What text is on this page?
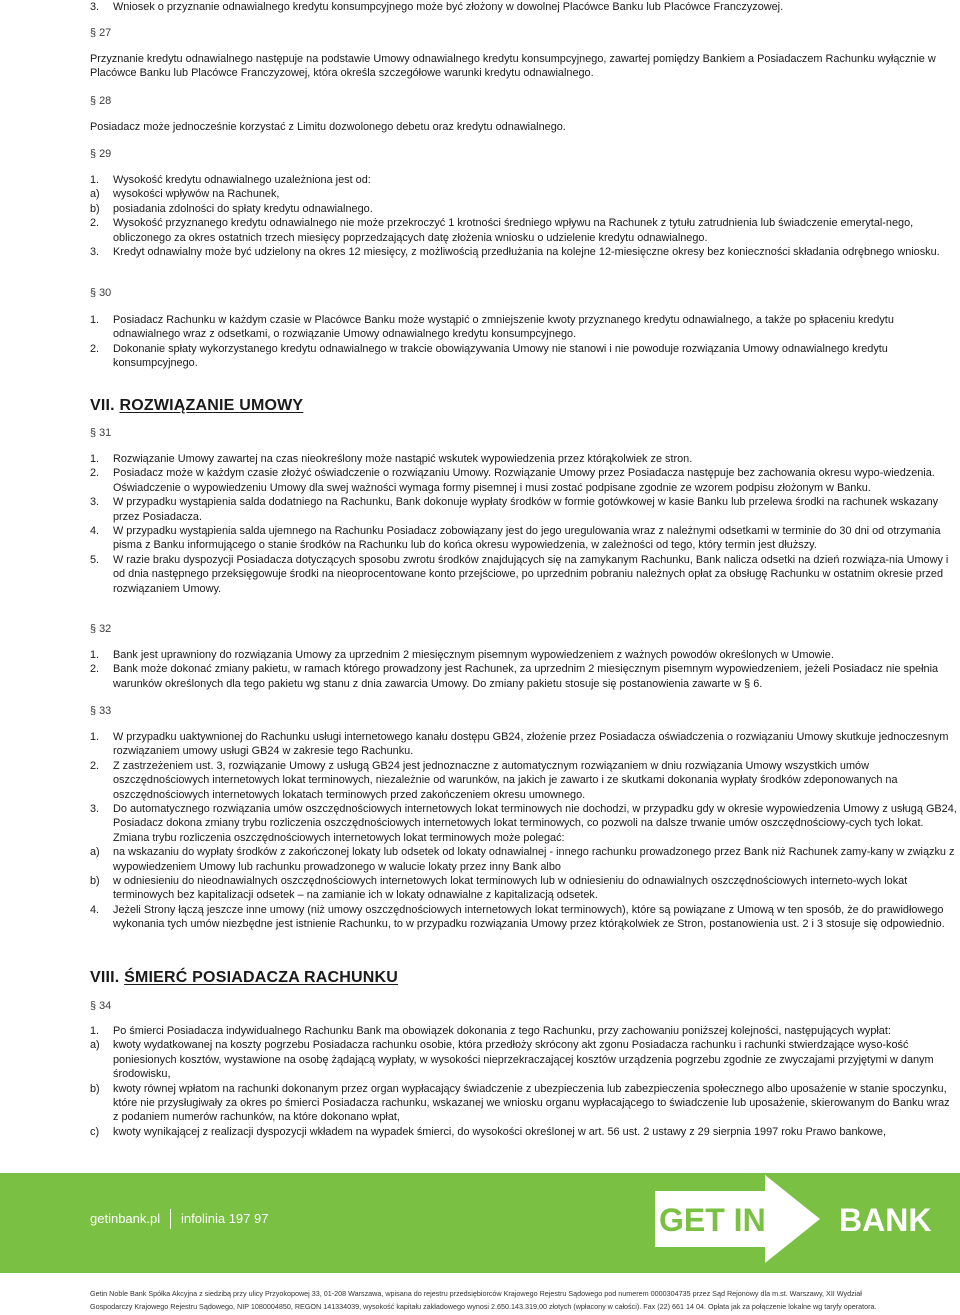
3. Wniosek o przyznanie odnawialnego kredytu konsumpcyjnego może być złożony w dowolnej Placówce Banku lub Placówce Franczyzowej.

§ 27

Przyznanie kredytu odnawialnego następuje na podstawie Umowy odnawialnego kredytu konsumpcyjnego, zawartej pomiędzy Bankiem a Posiadaczem Rachunku wyłącznie w Placówce Banku lub Placówce Franczyzowej, która określa szczegółowe warunki kredytu odnawialnego.

§ 28

Posiadacz może jednocześnie korzystać z Limitu dozwolonego debetu oraz kredytu odnawialnego.

§ 29

1. Wysokość kredytu odnawialnego uzależniona jest od:
a) wysokości wpływów na Rachunek,
b) posiadania zdolności do spłaty kredytu odnawialnego.
2. Wysokość przyznanego kredytu odnawialnego nie może przekroczyć 1 krotności średniego wpływu na Rachunek z tytułu zatrudnienia lub świadczenie emerytal-nego, obliczonego za okres ostatnich trzech miesięcy poprzedzających datę złożenia wniosku o udzielenie kredytu odnawialnego.
3. Kredyt odnawialny może być udzielony na okres 12 miesięcy, z możliwością przedłużania na kolejne 12-miesięczne okresy bez konieczności składania odrębnego wniosku.

§ 30

1. Posiadacz Rachunku w każdym czasie w Placówce Banku może wystąpić o zmniejszenie kwoty przyznanego kredytu odnawialnego, a także po spłaceniu kredytu odnawialnego wraz z odsetkami, o rozwiązanie Umowy odnawialnego kredytu konsumpcyjnego.
2. Dokonanie spłaty wykorzystanego kredytu odnawialnego w trakcie obowiązywania Umowy nie stanowi i nie powoduje rozwiązania Umowy odnawialnego kredytu konsumpcyjnego.

VII. ROZWIĄZANIE UMOWY

§ 31

1. Rozwiązanie Umowy zawartej na czas nieokreślony może nastąpić wskutek wypowiedzenia przez którąkolwiek ze stron.
2. Posiadacz może w każdym czasie złożyć oświadczenie o rozwiązaniu Umowy. Rozwiązanie Umowy przez Posiadacza następuje bez zachowania okresu wypo-wiedzenia. Oświadczenie o wypowiedzeniu Umowy dla swej ważności wymaga formy pisemnej i musi zostać podpisane zgodnie ze wzorem podpisu złożonym w Banku.
3. W przypadku wystąpienia salda dodatniego na Rachunku, Bank dokonuje wypłaty środków w formie gotówkowej w kasie Banku lub przelewa środki na rachunek wskazany przez Posiadacza.
4. W przypadku wystąpienia salda ujemnego na Rachunku Posiadacz zobowiązany jest do jego uregulowania wraz z należnymi odsetkami w terminie do 30 dni od otrzymania pisma z Banku informującego o stanie środków na Rachunku lub do końca okresu wypowiedzenia, w zależności od tego, który termin jest dłuższy.
5. W razie braku dyspozycji Posiadacza dotyczących sposobu zwrotu środków znajdujących się na zamykanym Rachunku, Bank nalicza odsetki na dzień rozwiąza-nia Umowy i od dnia następnego przeksięgowuje środki na nieoprocentowane konto przejściowe, po uprzednim pobraniu należnych opłat za obsługę Rachunku w ostatnim okresie przed rozwiązaniem Umowy.

§ 32

1. Bank jest uprawniony do rozwiązania Umowy za uprzednim 2 miesięcznym pisemnym wypowiedzeniem z ważnych powodów określonych w Umowie.
2. Bank może dokonać zmiany pakietu, w ramach którego prowadzony jest Rachunek, za uprzednim 2 miesięcznym pisemnym wypowiedzeniem, jeżeli Posiadacz nie spełnia warunków określonych dla tego pakietu wg stanu z dnia zawarcia Umowy. Do zmiany pakietu stosuje się postanowienia zawarte w § 6.

§ 33

1. W przypadku uaktywnionej do Rachunku usługi internetowego kanału dostępu GB24, złożenie przez Posiadacza oświadczenia o rozwiązaniu Umowy skutkuje jednoczesnym rozwiązaniem umowy usługi GB24 w zakresie tego Rachunku.
2. Z zastrzeżeniem ust. 3, rozwiązanie Umowy z usługą GB24 jest jednoznaczne z automatycznym rozwiązaniem w dniu rozwiązania Umowy wszystkich umów oszczędnościowych internetowych lokat terminowych, niezależnie od warunków, na jakich je zawarto i ze skutkami dokonania wypłaty środków zdeponowanych na oszczędnościowych internetowych lokatach terminowych przed zakończeniem okresu umownego.
3. Do automatycznego rozwiązania umów oszczędnościowych internetowych lokat terminowych nie dochodzi, w przypadku gdy w okresie wypowiedzenia Umowy z usługą GB24, Posiadacz dokona zmiany trybu rozliczenia oszczędnościowych internetowych lokat terminowych, co pozwoli na dalsze trwanie umów oszczędnościowy-cych tych lokat. Zmiana trybu rozliczenia oszczędnościowych internetowych lokat terminowych może polegać:
a) na wskazaniu do wypłaty środków z zakończonej lokaty lub odsetek od lokaty odnawialnej - innego rachunku prowadzonego przez Bank niż Rachunek zamy-kany w związku z wypowiedzeniem Umowy lub rachunku prowadzonego w walucie lokaty przez inny Bank albo
b) w odniesieniu do nieodnawialnych oszczędnościowych internetowych lokat terminowych lub w odniesieniu do odnawialnych oszczędnościowych interneto-wych lokat terminowych bez kapitalizacji odsetek – na zamianie ich w lokaty odnawialne z kapitalizacją odsetek.
4. Jeżeli Strony łączą jeszcze inne umowy (niż umowy oszczędnościowych internetowych lokat terminowych), które są powiązane z Umową w ten sposób, że do prawidłowego wykonania tych umów niezbędne jest istnienie Rachunku, to w przypadku rozwiązania Umowy przez którąkolwiek ze Stron, postanowienia ust. 2 i 3 stosuje się odpowiednio.

VIII. ŚMIERĆ POSIADACZA RACHUNKU

§ 34

1. Po śmierci Posiadacza indywidualnego Rachunku Bank ma obowiązek dokonania z tego Rachunku, przy zachowaniu poniższej kolejności, następujących wypłat:
a) kwoty wydatkowanej na koszty pogrzebu Posiadacza rachunku osobie, która przedłoży skrócony akt zgonu Posiadacza rachunku i rachunki stwierdzające wyso-kość poniesionych kosztów, wystawione na osobę żądającą wypłaty, w wysokości nieprzekraczającej kosztów urządzenia pogrzebu zgodnie ze zwyczajami przyjętymi w danym środowisku,
b) kwoty równej wpłatom na rachunki dokonanym przez organ wypłacający świadczenie z ubezpieczenia lub zabezpieczenia społecznego albo uposażenie w stanie spoczynku, które nie przysługiwały za okres po śmierci Posiadacza rachunku, wskazanej we wniosku organu wypłacającego to świadczenie lub uposażenie, skierowanym do Banku wraz z podaniem numerów rachunków, na które dokonano wpłat,
c) kwoty wynikającej z realizacji dyspozycji wkładem na wypadek śmierci, do wysokości określonej w art. 56 ust. 2 ustawy z 29 sierpnia 1997 roku Prawo bankowe,
getinbank.pl infolinia 197 97	GET IN BANK
Getin Noble Bank Spółka Akcyjna z siedzibą przy ulicy Przyokopowej 33, 01-208 Warszawa, wpisana do rejestru przedsiębiorców Krajowego Rejestru Sądowego pod numerem 0000304735 przez Sąd Rejonowy dla m.st. Warszawy, XII Wydział
Gospodarczy Krajowego Rejestru Sądowego, NIP 1080004850, REGON 141334039, wysokość kapitału zakładowego wynosi 2.650.143.319,00 złotych (wpłacony w całości). Fax (22) 661 14 04. Opłata jak za połączenie lokalne wg taryfy operatora.
